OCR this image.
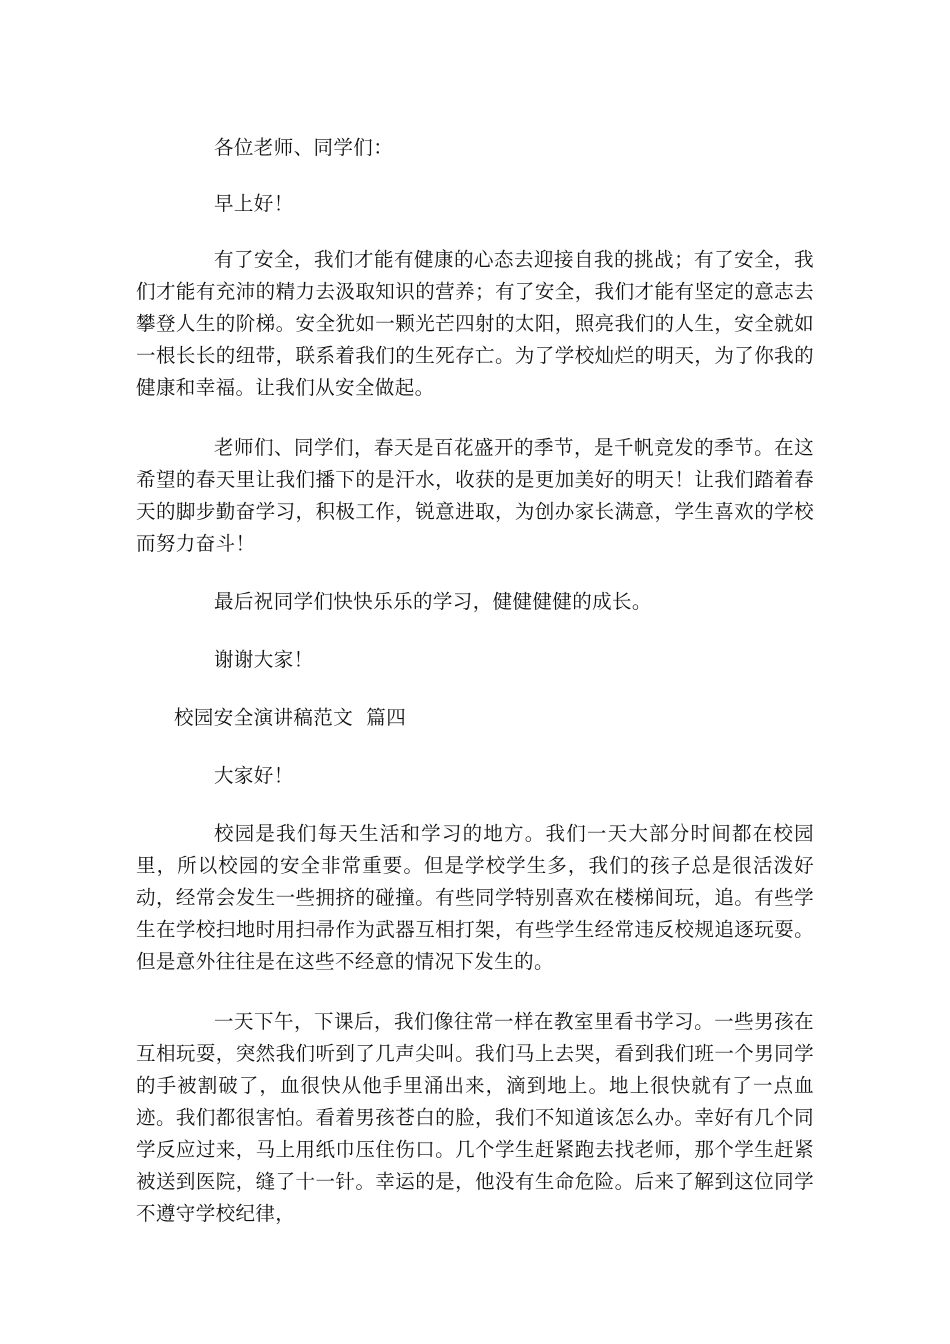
各位老师、同学们：

早上好！

有了安全，我们才能有健康的心态去迎接自我的挑战；有了安全，我们才能有充沛的精力去汲取知识的营养；有了安全，我们才能有坚定的意志去攀登人生的阶梯。安全犹如一颗光芒四射的太阳，照亮我们的人生，安全就如一根长长的纽带，联系着我们的生死存亡。为了学校灿烂的明天，为了你我的健康和幸福。让我们从安全做起。

老师们、同学们，春天是百花盛开的季节，是千帆竞发的季节。在这希望的春天里让我们播下的是汗水，收获的是更加美好的明天！让我们踏着春天的脚步勤奋学习，积极工作，锐意进取，为创办家长满意，学生喜欢的学校而努力奋斗！

最后祝同学们快快乐乐的学习，健健健健的成长。

谢谢大家！

校园安全演讲稿范文  篇四

大家好！

校园是我们每天生活和学习的地方。我们一天大部分时间都在校园里，所以校园的安全非常重要。但是学校学生多，我们的孩子总是很活泼好动，经常会发生一些拥挤的碰撞。有些同学特别喜欢在楼梯间玩，追。有些学生在学校扫地时用扫帚作为武器互相打架，有些学生经常违反校规追逐玩耍。但是意外往往是在这些不经意的情况下发生的。

一天下午，下课后，我们像往常一样在教室里看书学习。一些男孩在互相玩耍，突然我们听到了几声尖叫。我们马上去哭，看到我们班一个男同学的手被割破了，血很快从他手里涌出来，滴到地上。地上很快就有了一点血迹。我们都很害怕。看着男孩苍白的脸，我们不知道该怎么办。幸好有几个同学反应过来，马上用纸巾压住伤口。几个学生赶紧跑去找老师，那个学生赶紧被送到医院，缝了十一针。幸运的是，他没有生命危险。后来了解到这位同学不遵守学校纪律，
